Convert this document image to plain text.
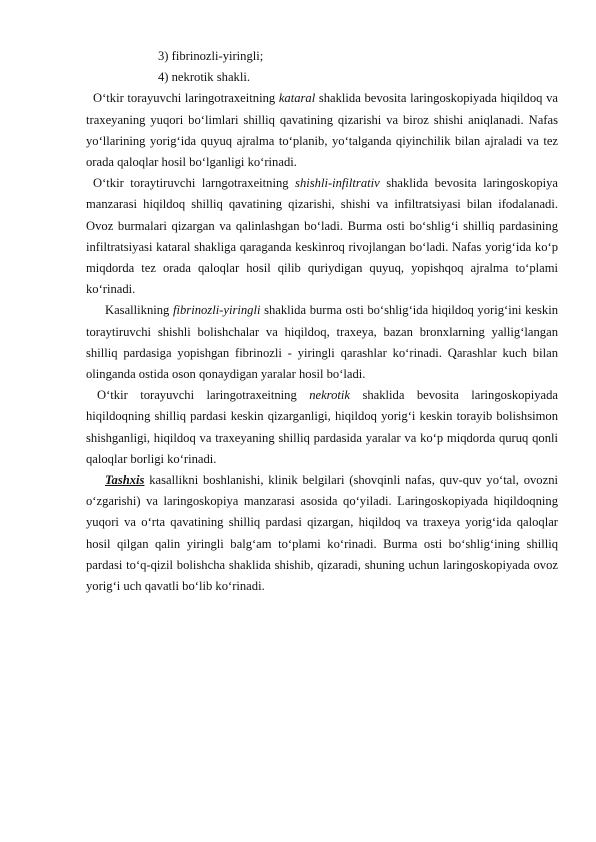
3) fibrinozli-yiringli;
4) nekrotik shakli.

O‘tkir torayuvchi laringotraxeitning kataral shaklida bevosita laringoskopiyada hiqildoq va traxeyaning yuqori bo‘limlari shilliq qavatining qizarishi va biroz shishi aniqlanadi. Nafas yo‘llarining yorig‘ida quyuq ajralma to‘planib, yo‘talganda qiyinchilik bilan ajraladi va tez orada qaloqlar hosil bo‘lganligi ko‘rinadi.

O‘tkir toraytiruvchi larngotraxeitning shishli-infiltrativ shaklida bevosita laringoskopiya manzarasi hiqildoq shilliq qavatining qizarishi, shishi va infiltratsiyasi bilan ifodalanadi. Ovoz burmalari qizargan va qalinlashgan bo‘ladi. Burma osti bo‘shlig‘i shilliq pardasining infiltratsiyasi kataral shakliga qaraganda keskinroq rivojlangan bo‘ladi. Nafas yorig‘ida ko‘p miqdorda tez orada qaloqlar hosil qilib quriydigan quyuq, yopishqoq ajralma to‘plami ko‘rinadi.

Kasallikning fibrinozli-yiringli shaklida burma osti bo‘shlig‘ida hiqildoq yorig‘ini keskin toraytiruvchi shishli bolishchalar va hiqildoq, traxeya, bazan bronxlarning yallig‘langan shilliq pardasiga yopishgan fibrinozli - yiringli qarashlar ko‘rinadi. Qarashlar kuch bilan olinganda ostida oson qonaydigan yaralar hosil bo‘ladi.

O‘tkir torayuvchi laringotraxeitning nekrotik shaklida bevosita laringoskopiyada hiqildoqning shilliq pardasi keskin qizarganligi, hiqildoq yorig‘i keskin torayib bolishsimon shishganligi, hiqildoq va traxeyaning shilliq pardasida yaralar va ko‘p miqdorda quruq qonli qaloqlar borligi ko‘rinadi.

Tashxis kasallikni boshlanishi, klinik belgilari (shovqinli nafas, quv-quv yo‘tal, ovozni o‘zgarishi) va laringoskopiya manzarasi asosida qo‘yiladi. Laringoskopiyada hiqildoqning yuqori va o‘rta qavatining shilliq pardasi qizargan, hiqildoq va traxeya yorig‘ida qaloqlar hosil qilgan qalin yiringli balg‘am to‘plami ko‘rinadi. Burma osti bo‘shlig‘ining shilliq pardasi to‘q-qizil bolishcha shaklida shishib, qizaradi, shuning uchun laringoskopiyada ovoz yorig‘i uch qavatli bo‘lib ko‘rinadi.
